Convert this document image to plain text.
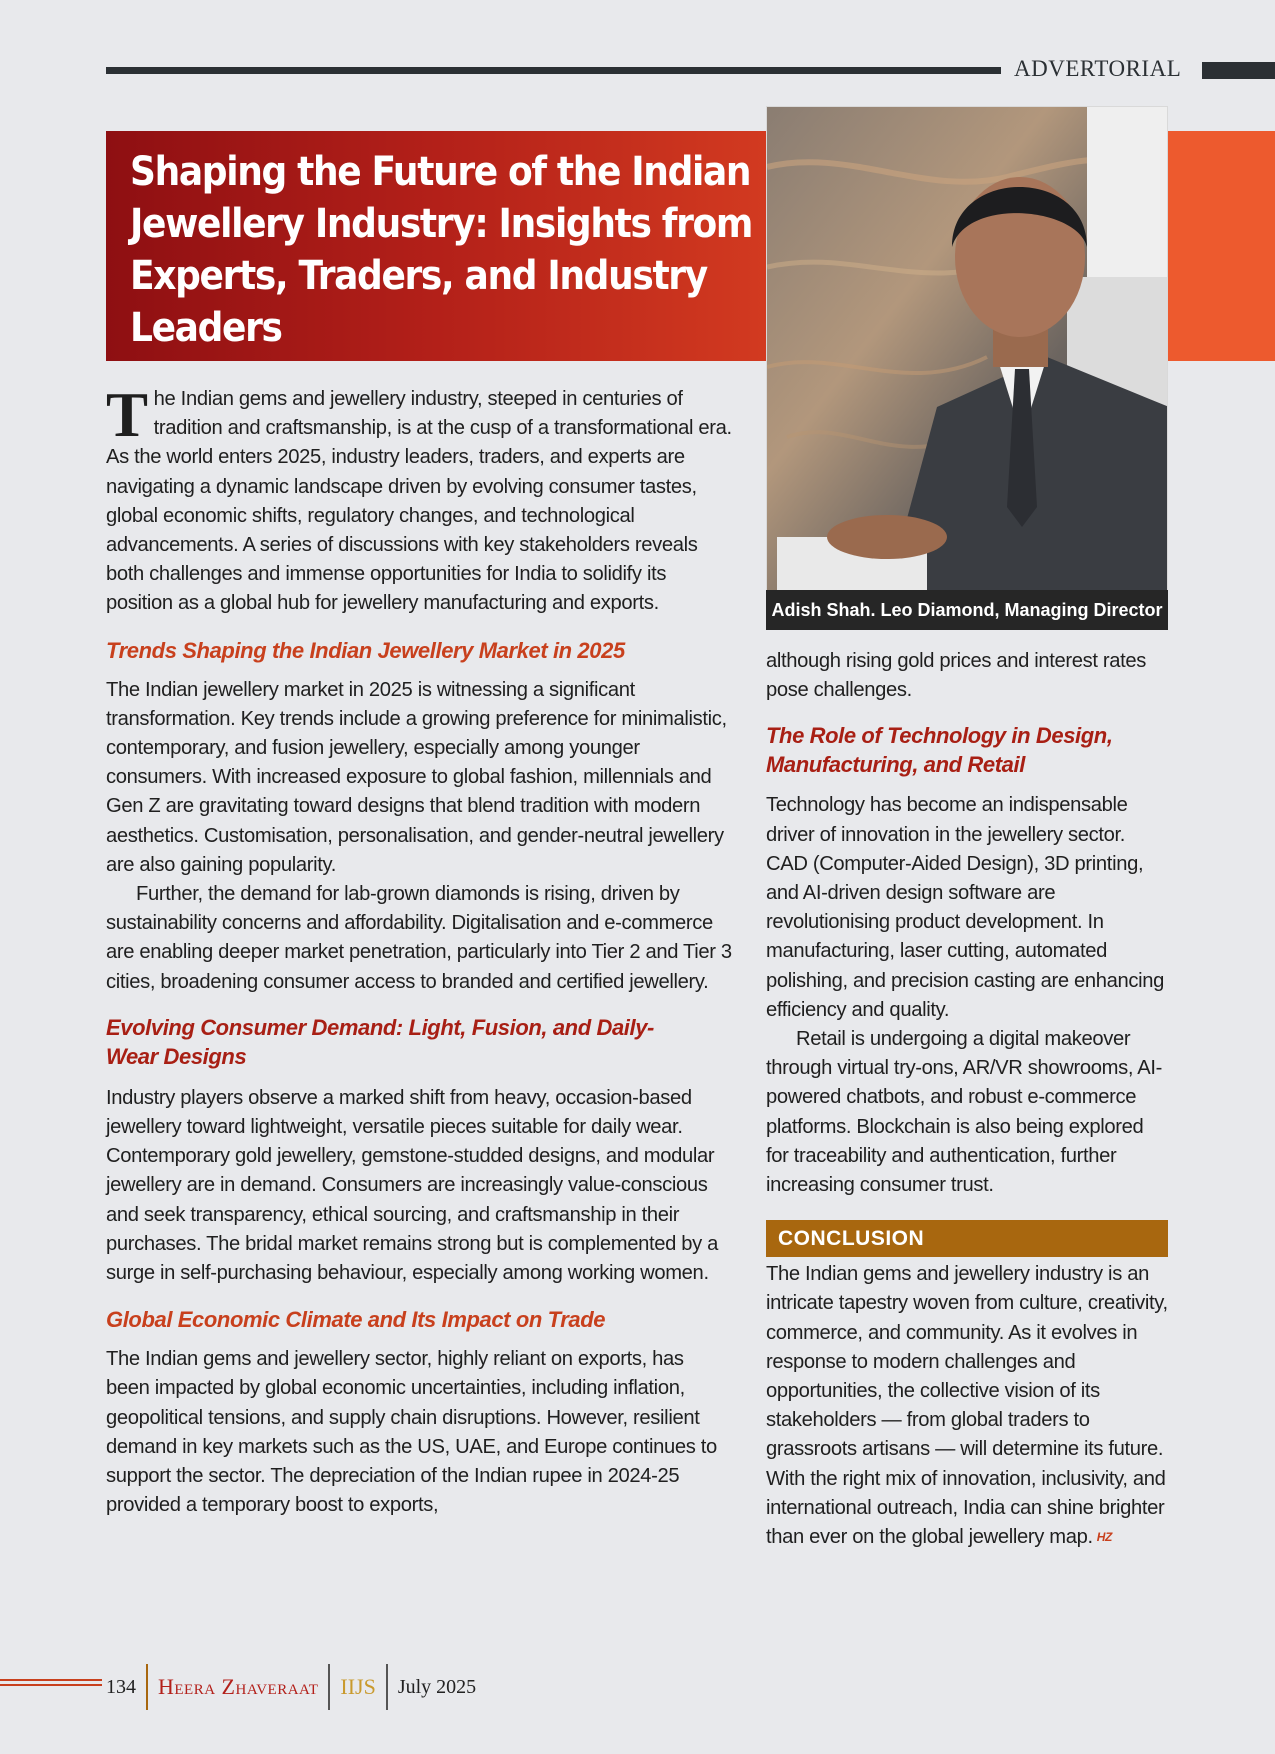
ADVERTORIAL
Shaping the Future of the Indian Jewellery Industry: Insights from Experts, Traders, and Industry Leaders
Adish Shah. Leo Diamond, Managing Director

The Indian gems and jewellery industry, steeped in centuries of tradition and craftsmanship, is at the cusp of a transformational era. As the world enters 2025, industry leaders, traders, and experts are navigating a dynamic landscape driven by evolving consumer tastes, global economic shifts, regulatory changes, and technological advancements. A series of discussions with key stakeholders reveals both challenges and immense opportunities for India to solidify its position as a global hub for jewellery manufacturing and exports.

Trends Shaping the Indian Jewellery Market in 2025

The Indian jewellery market in 2025 is witnessing a significant transformation. Key trends include a growing preference for minimalistic, contemporary, and fusion jewellery, especially among younger consumers. With increased exposure to global fashion, millennials and Gen Z are gravitating toward designs that blend tradition with modern aesthetics. Customisation, personalisation, and gender-neutral jewellery are also gaining popularity.

Further, the demand for lab-grown diamonds is rising, driven by sustainability concerns and affordability. Digitalisation and e-commerce are enabling deeper market penetration, particularly into Tier 2 and Tier 3 cities, broadening consumer access to branded and certified jewellery.

Evolving Consumer Demand: Light, Fusion, and Daily-Wear Designs

Industry players observe a marked shift from heavy, occasion-based jewellery toward lightweight, versatile pieces suitable for daily wear. Contemporary gold jewellery, gemstone-studded designs, and modular jewellery are in demand. Consumers are increasingly value-conscious and seek transparency, ethical sourcing, and craftsmanship in their purchases. The bridal market remains strong but is complemented by a surge in self-purchasing behaviour, especially among working women.

Global Economic Climate and Its Impact on Trade

The Indian gems and jewellery sector, highly reliant on exports, has been impacted by global economic uncertainties, including inflation, geopolitical tensions, and supply chain disruptions. However, resilient demand in key markets such as the US, UAE, and Europe continues to support the sector. The depreciation of the Indian rupee in 2024-25 provided a temporary boost to exports,

although rising gold prices and interest rates pose challenges.

The Role of Technology in Design, Manufacturing, and Retail

Technology has become an indispensable driver of innovation in the jewellery sector. CAD (Computer-Aided Design), 3D printing, and AI-driven design software are revolutionising product development. In manufacturing, laser cutting, automated polishing, and precision casting are enhancing efficiency and quality.

Retail is undergoing a digital makeover through virtual try-ons, AR/VR showrooms, AI-powered chatbots, and robust e-commerce platforms. Blockchain is also being explored for traceability and authentication, further increasing consumer trust.

CONCLUSION

The Indian gems and jewellery industry is an intricate tapestry woven from culture, creativity, commerce, and community. As it evolves in response to modern challenges and opportunities, the collective vision of its stakeholders — from global traders to grassroots artisans — will determine its future. With the right mix of innovation, inclusivity, and international outreach, India can shine brighter than ever on the global jewellery map. HZ

134 Heera Zhaveraat IIJS July 2025
